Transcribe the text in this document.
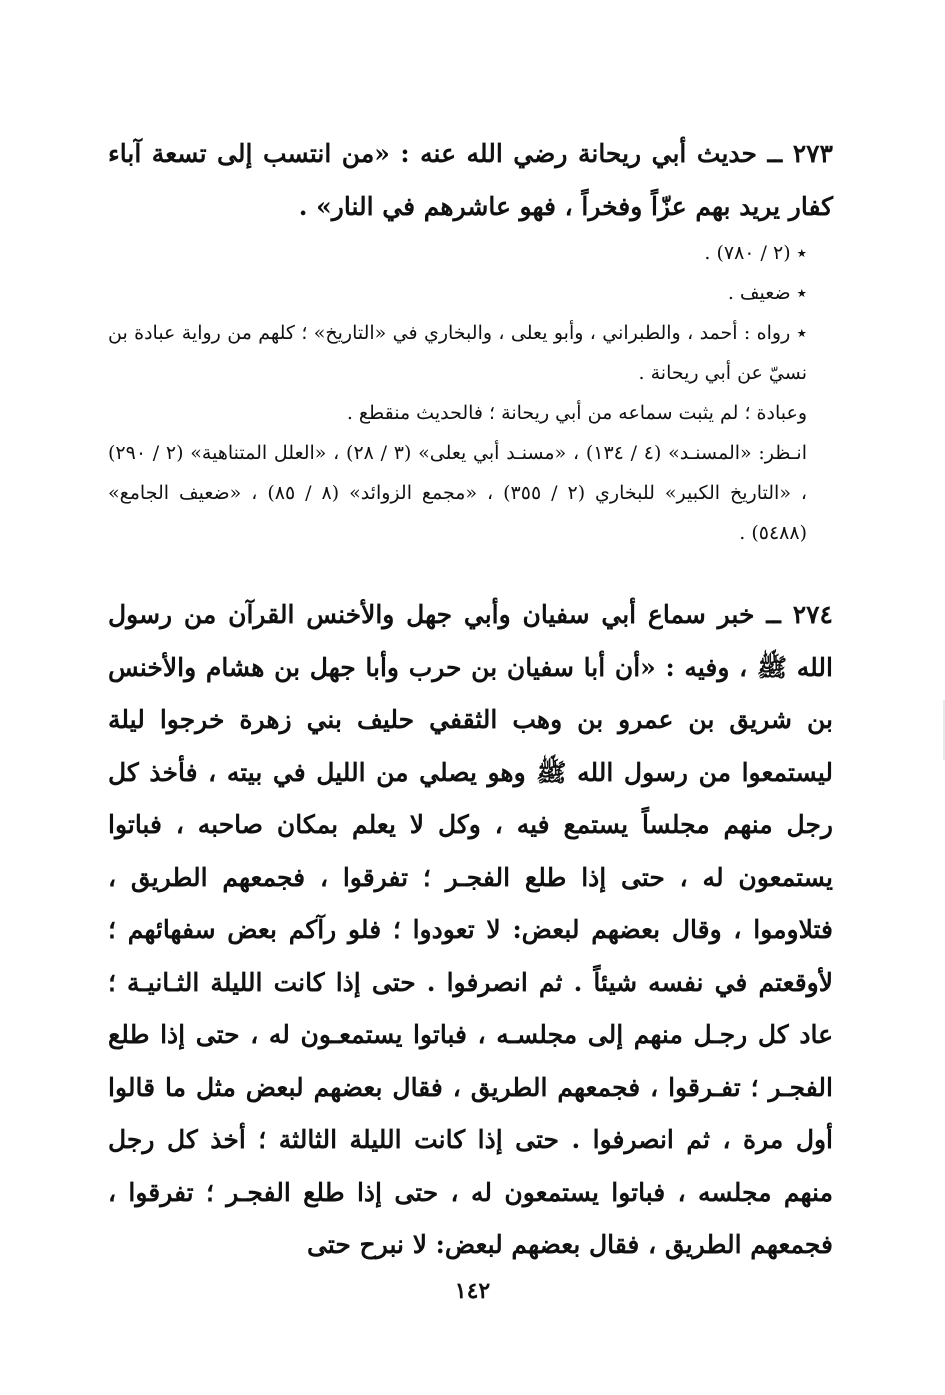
٢٧٣ ــ حديث أبي ريحانة رضي الله عنه : «من انتسب إلى تسعة آباء كفار يريد بهم عزّاً وفخراً ، فهو عاشرهم في النار» .

٭ (٢ / ٧٨٠) .

٭ ضعيف .

٭ رواه : أحمد ، والطبراني ، وأبو يعلى ، والبخاري في «التاريخ» ؛ كلهم من رواية عبادة بن نسيّ عن أبي ريحانة .

وعبادة ؛ لم يثبت سماعه من أبي ريحانة ؛ فالحديث منقطع .

انـظر: «المسنـد» (٤ / ١٣٤) ، «مسنـد أبي يعلى» (٣ / ٢٨) ، «العلل المتناهية» (٢ / ٢٩٠) ، «التاريخ الكبير» للبخاري (٢ / ٣٥٥) ، «مجمع الزوائد» (٨ / ٨٥) ، «ضعيف الجامع» (٥٤٨٨) .

٢٧٤ ــ خبر سماع أبي سفيان وأبي جهل والأخنس القرآن من رسول الله ﷺ ، وفيه : «أن أبا سفيان بن حرب وأبا جهل بن هشام والأخنس بن شريق بن عمرو بن وهب الثقفي حليف بني زهرة خرجوا ليلة ليستمعوا من رسول الله ﷺ وهو يصلي من الليل في بيته ، فأخذ كل رجل منهم مجلساً يستمع فيه ، وكل لا يعلم بمكان صاحبه ، فباتوا يستمعون له ، حتى إذا طلع الفجـر ؛ تفرقوا ، فجمعهم الطريق ، فتلاوموا ، وقال بعضهم لبعض: لا تعودوا ؛ فلو رآكم بعض سفهائهم ؛ لأوقعتم في نفسه شيئاً . ثم انصرفوا . حتى إذا كانت الليلة الثـانيـة ؛ عاد كل رجـل منهم إلى مجلسـه ، فباتوا يستمعـون له ، حتى إذا طلع الفجـر ؛ تفـرقوا ، فجمعهم الطريق ، فقال بعضهم لبعض مثل ما قالوا أول مرة ، ثم انصرفوا . حتى إذا كانت الليلة الثالثة ؛ أخذ كل رجل منهم مجلسه ، فباتوا يستمعون له ، حتى إذا طلع الفجـر ؛ تفرقوا ، فجمعهم الطريق ، فقال بعضهم لبعض: لا نبرح حتى

١٤٢
